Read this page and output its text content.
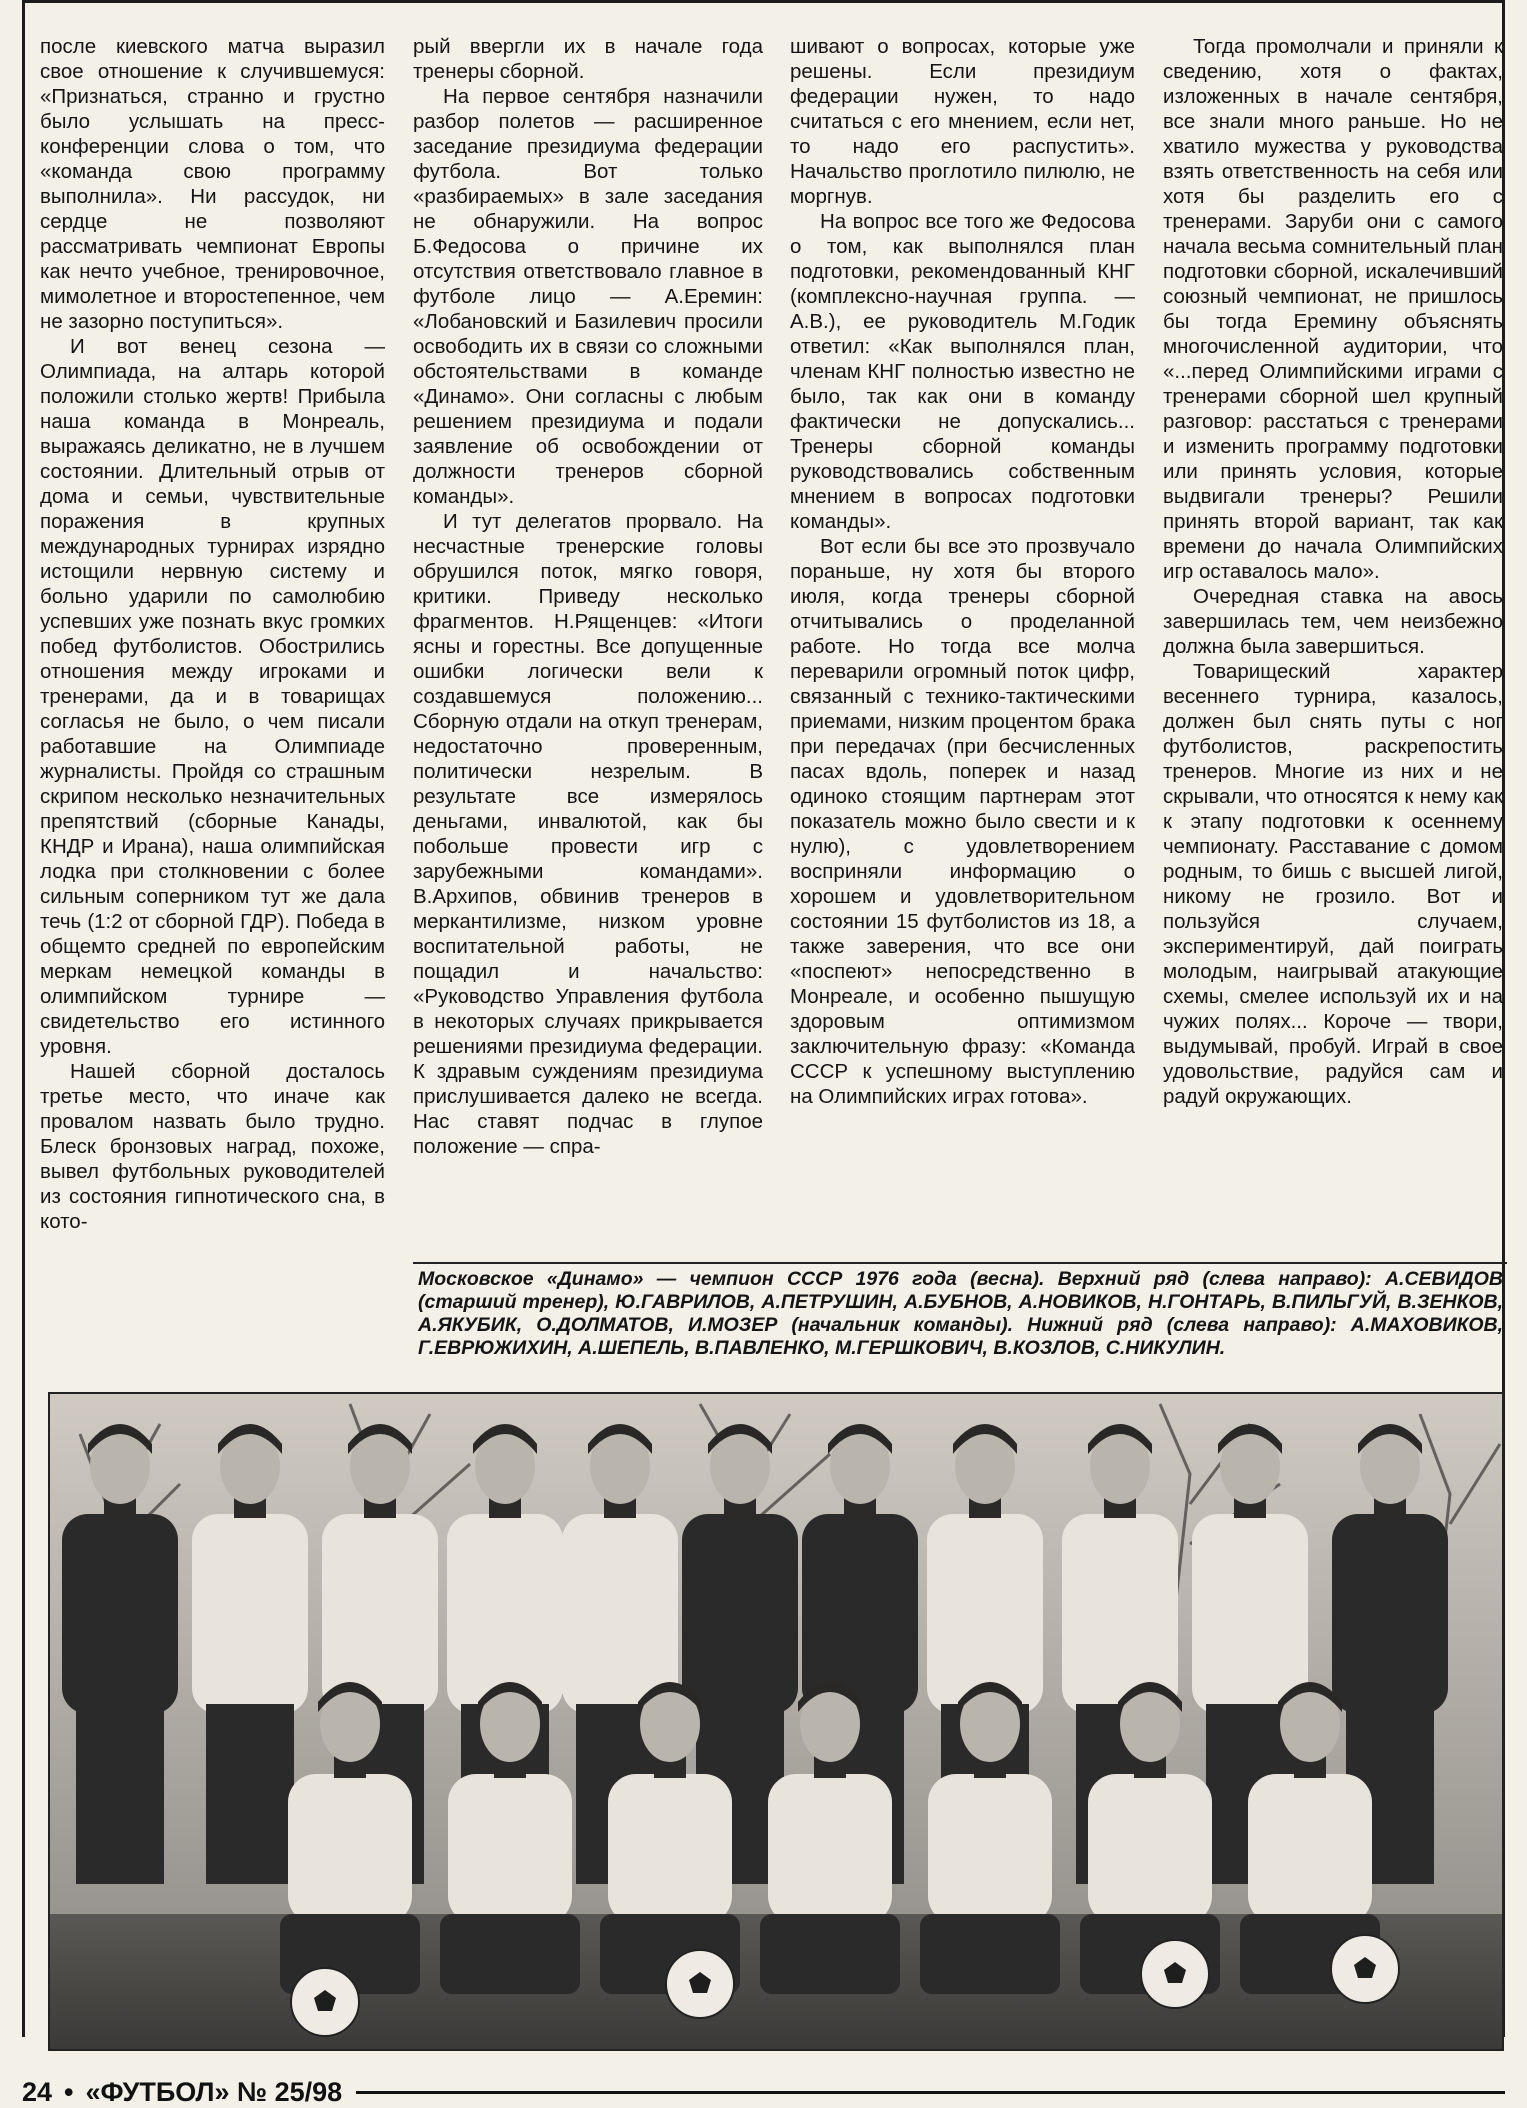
после киевского матча выразил свое отношение к случившемуся: «Признаться, странно и грустно было услышать на пресс-конференции слова о том, что «команда свою программу выполнила». Ни рассудок, ни сердце не позволяют рассматривать чемпионат Европы как нечто учебное, тренировочное, мимолетное и второстепенное, чем не зазорно поступиться».

И вот венец сезона — Олимпиада, на алтарь которой положили столько жертв! Прибыла наша команда в Монреаль, выражаясь деликатно, не в лучшем состоянии. Длительный отрыв от дома и семьи, чувствительные поражения в крупных международных турнирах изрядно истощили нервную систему и больно ударили по самолюбию успевших уже познать вкус громких побед футболистов. Обострились отношения между игроками и тренерами, да и в товарищах согласья не было, о чем писали работавшие на Олимпиаде журналисты. Пройдя со страшным скрипом несколько незначительных препятствий (сборные Канады, КНДР и Ирана), наша олимпийская лодка при столкновении с более сильным соперником тут же дала течь (1:2 от сборной ГДР). Победа в общемто средней по европейским меркам немецкой команды в олимпийском турнире — свидетельство его истинного уровня.

Нашей сборной досталось третье место, что иначе как провалом назвать было трудно. Блеск бронзовых наград, похоже, вывел футбольных руководителей из состояния гипнотического сна, в кото-

рый ввергли их в начале года тренеры сборной.

На первое сентября назначили разбор полетов — расширенное заседание президиума федерации футбола. Вот только «разбираемых» в зале заседания не обнаружили. На вопрос Б.Федосова о причине их отсутствия ответствовало главное в футболе лицо — А.Еремин: «Лобановский и Базилевич просили освободить их в связи со сложными обстоятельствами в команде «Динамо». Они согласны с любым решением президиума и подали заявление об освобождении от должности тренеров сборной команды».

И тут делегатов прорвало. На несчастные тренерские головы обрушился поток, мягко говоря, критики. Приведу несколько фрагментов. Н.Рященцев: «Итоги ясны и горестны. Все допущенные ошибки логически вели к создавшемуся положению... Сборную отдали на откуп тренерам, недостаточно проверенным, политически незрелым. В результате все измерялось деньгами, инвалютой, как бы побольше провести игр с зарубежными командами». В.Архипов, обвинив тренеров в меркантилизме, низком уровне воспитательной работы, не пощадил и начальство: «Руководство Управления футбола в некоторых случаях прикрывается решениями президиума федерации. К здравым суждениям президиума прислушивается далеко не всегда. Нас ставят подчас в глупое положение — спра-

шивают о вопросах, которые уже решены. Если президиум федерации нужен, то надо считаться с его мнением, если нет, то надо его распустить». Начальство проглотило пилюлю, не моргнув.

На вопрос все того же Федосова о том, как выполнялся план подготовки, рекомендованный КНГ (комплексно-научная группа. — А.В.), ее руководитель М.Годик ответил: «Как выполнялся план, членам КНГ полностью известно не было, так как они в команду фактически не допускались... Тренеры сборной команды руководствовались собственным мнением в вопросах подготовки команды».

Вот если бы все это прозвучало пораньше, ну хотя бы второго июля, когда тренеры сборной отчитывались о проделанной работе. Но тогда все молча переварили огромный поток цифр, связанный с технико-тактическими приемами, низким процентом брака при передачах (при бесчисленных пасах вдоль, поперек и назад одиноко стоящим партнерам этот показатель можно было свести и к нулю), с удовлетворением восприняли информацию о хорошем и удовлетворительном состоянии 15 футболистов из 18, а также заверения, что все они «поспеют» непосредственно в Монреале, и особенно пышущую здоровым оптимизмом заключительную фразу: «Команда СССР к успешному выступлению на Олимпийских играх готова».

Тогда промолчали и приняли к сведению, хотя о фактах, изложенных в начале сентября, все знали много раньше. Но не хватило мужества у руководства взять ответственность на себя или хотя бы разделить его с тренерами. Заруби они с самого начала весьма сомнительный план подготовки сборной, искалечивший союзный чемпионат, не пришлось бы тогда Еремину объяснять многочисленной аудитории, что «...перед Олимпийскими играми с тренерами сборной шел крупный разговор: расстаться с тренерами и изменить программу подготовки или принять условия, которые выдвигали тренеры? Решили принять второй вариант, так как времени до начала Олимпийских игр оставалось мало».

Очередная ставка на авось завершилась тем, чем неизбежно должна была завершиться.

Товарищеский характер весеннего турнира, казалось, должен был снять путы с ног футболистов, раскрепостить тренеров. Многие из них и не скрывали, что относятся к нему как к этапу подготовки к осеннему чемпионату. Расставание с домом родным, то бишь с высшей лигой, никому не грозило. Вот и пользуйся случаем, экспериментируй, дай поиграть молодым, наигрывай атакующие схемы, смелее используй их и на чужих полях... Короче — твори, выдумывай, пробуй. Играй в свое удовольствие, радуйся сам и радуй окружающих.

Московское «Динамо» — чемпион СССР 1976 года (весна). Верхний ряд (слева направо): А.СЕВИДОВ (старший тренер), Ю.ГАВРИЛОВ, А.ПЕТРУШИН, А.БУБНОВ, А.НОВИКОВ, Н.ГОНТАРЬ, В.ПИЛЬГУЙ, В.ЗЕНКОВ, А.ЯКУБИК, О.ДОЛМАТОВ, И.МОЗЕР (начальник команды). Нижний ряд (слева направо): А.МАХОВИКОВ, Г.ЕВРЮЖИХИН, А.ШЕПЕЛЬ, В.ПАВЛЕНКО, М.ГЕРШКОВИЧ, В.КОЗЛОВ, С.НИКУЛИН.
24 • «ФУТБОЛ» № 25/98
